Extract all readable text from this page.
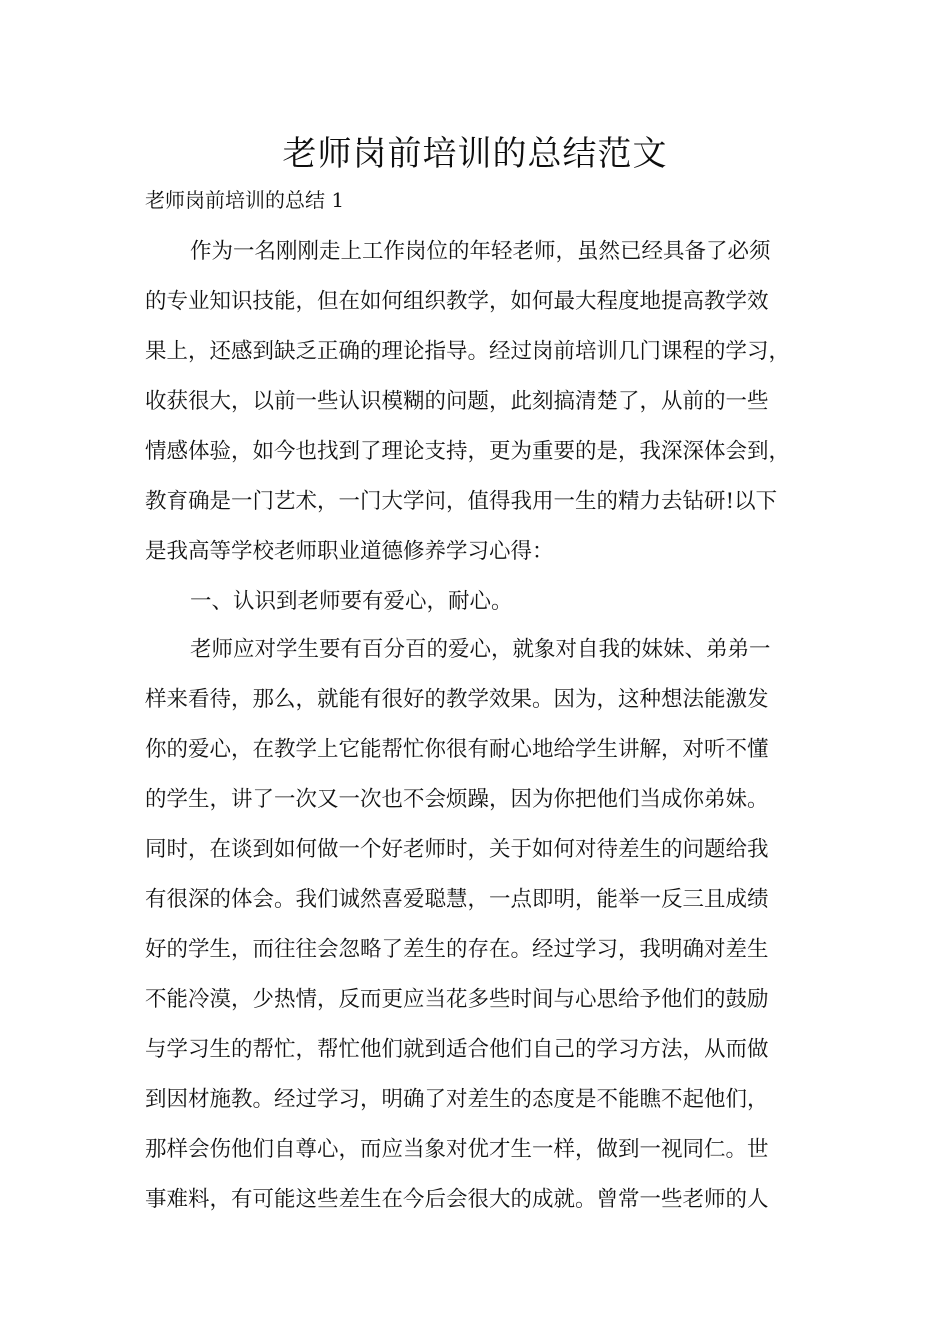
老师岗前培训的总结范文

老师岗前培训的总结 1

作为一名刚刚走上工作岗位的年轻老师，虽然已经具备了必须

的专业知识技能，但在如何组织教学，如何最大程度地提高教学效

果上，还感到缺乏正确的理论指导。经过岗前培训几门课程的学习，

收获很大，以前一些认识模糊的问题，此刻搞清楚了，从前的一些

情感体验，如今也找到了理论支持，更为重要的是，我深深体会到，

教育确是一门艺术，一门大学问，值得我用一生的精力去钻研!以下

是我高等学校老师职业道德修养学习心得：

一、认识到老师要有爱心，耐心。

老师应对学生要有百分百的爱心，就象对自我的妹妹、弟弟一

样来看待，那么，就能有很好的教学效果。因为，这种想法能激发

你的爱心，在教学上它能帮忙你很有耐心地给学生讲解，对听不懂

的学生，讲了一次又一次也不会烦躁，因为你把他们当成你弟妹。

同时，在谈到如何做一个好老师时，关于如何对待差生的问题给我

有很深的体会。我们诚然喜爱聪慧，一点即明，能举一反三且成绩

好的学生，而往往会忽略了差生的存在。经过学习，我明确对差生

不能冷漠，少热情，反而更应当花多些时间与心思给予他们的鼓励

与学习生的帮忙，帮忙他们就到适合他们自己的学习方法，从而做

到因材施教。经过学习，明确了对差生的态度是不能瞧不起他们，

那样会伤他们自尊心，而应当象对优才生一样，做到一视同仁。世

事难料，有可能这些差生在今后会很大的成就。曾常一些老师的人
